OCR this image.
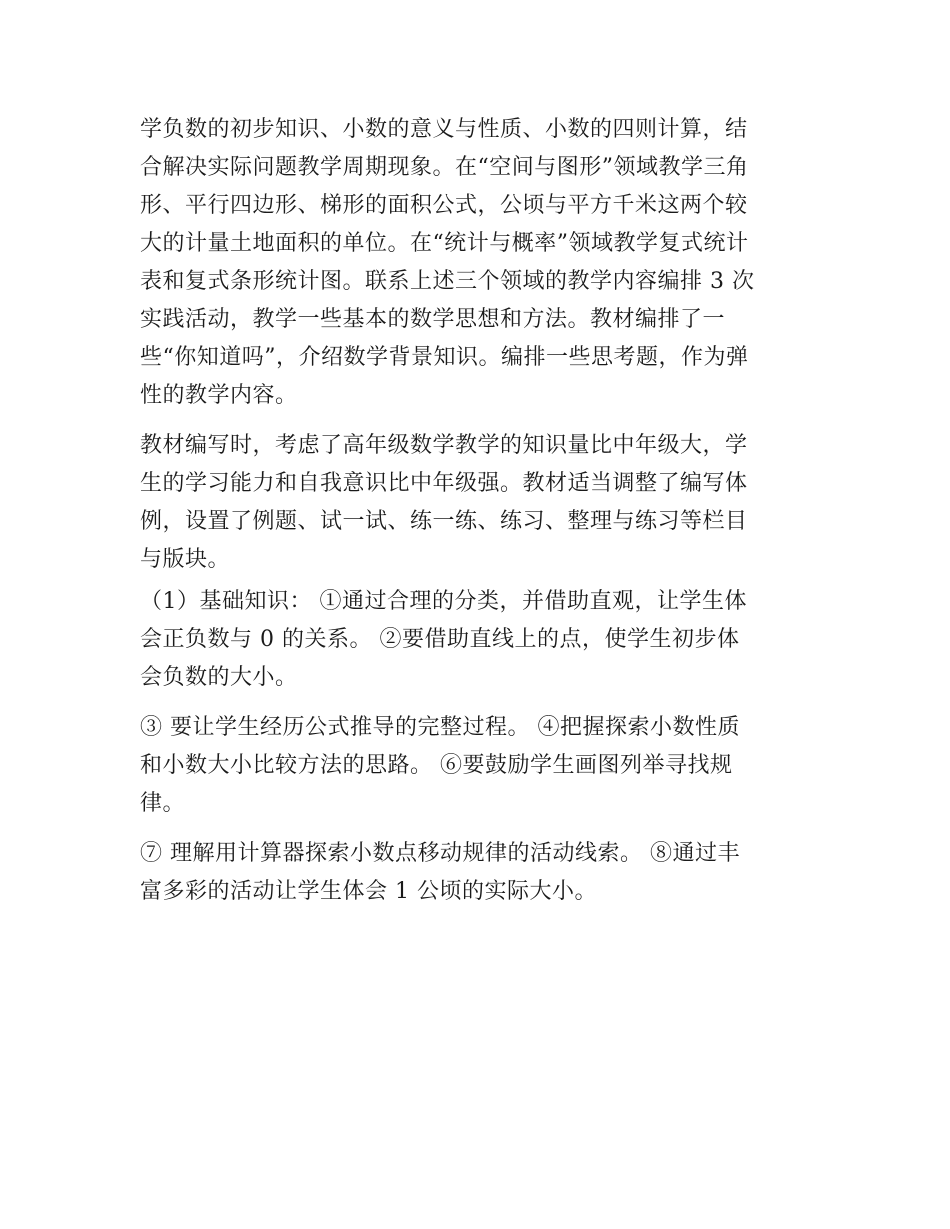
学负数的初步知识、小数的意义与性质、小数的四则计算，结
合解决实际问题教学周期现象。在“空间与图形”领域教学三角
形、平行四边形、梯形的面积公式，公顷与平方千米这两个较
大的计量土地面积的单位。在“统计与概率”领域教学复式统计
表和复式条形统计图。联系上述三个领域的教学内容编排 3 次
实践活动，教学一些基本的数学思想和方法。教材编排了一
些“你知道吗”，介绍数学背景知识。编排一些思考题，作为弹
性的教学内容。
教材编写时，考虑了高年级数学教学的知识量比中年级大，学
生的学习能力和自我意识比中年级强。教材适当调整了编写体
例，设置了例题、试一试、练一练、练习、整理与练习等栏目
与版块。
（1）基础知识： ①通过合理的分类，并借助直观，让学生体
会正负数与 0 的关系。 ②要借助直线上的点，使学生初步体
会负数的大小。
③ 要让学生经历公式推导的完整过程。 ④把握探索小数性质
和小数大小比较方法的思路。 ⑥要鼓励学生画图列举寻找规
律。
⑦ 理解用计算器探索小数点移动规律的活动线索。 ⑧通过丰
富多彩的活动让学生体会 1 公顷的实际大小。
